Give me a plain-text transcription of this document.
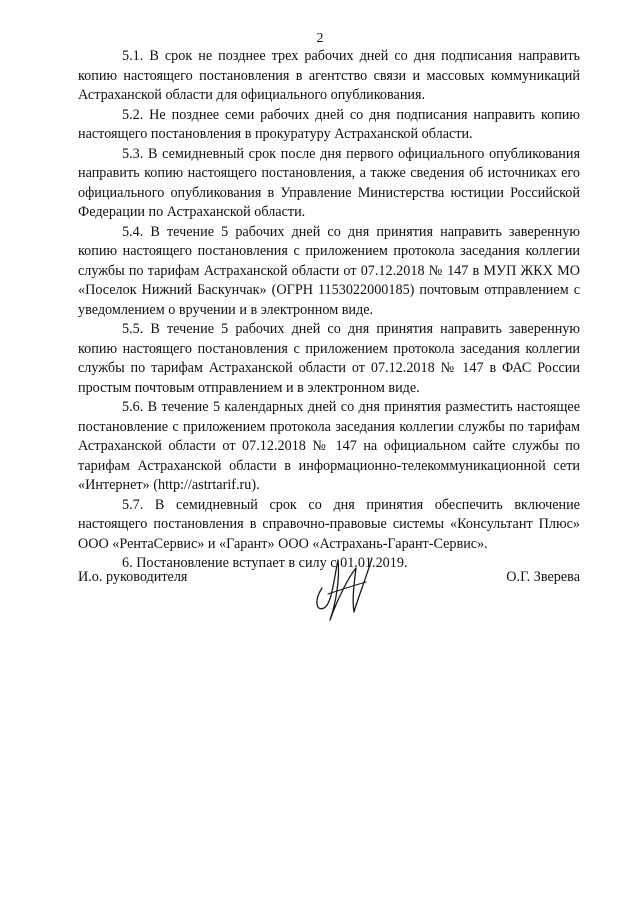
2

5.1. В срок не позднее трех рабочих дней со дня подписания направить копию настоящего постановления в агентство связи и массовых коммуникаций Астраханской области для официального опубликования.

5.2. Не позднее семи рабочих дней со дня подписания направить копию настоящего постановления в прокуратуру Астраханской области.

5.3. В семидневный срок после дня первого официального опубликования направить копию настоящего постановления, а также сведения об источниках его официального опубликования в Управление Министерства юстиции Российской Федерации по Астраханской области.

5.4. В течение 5 рабочих дней со дня принятия направить заверенную копию настоящего постановления с приложением протокола заседания коллегии службы по тарифам Астраханской области от 07.12.2018 № 147 в МУП ЖКХ МО «Поселок Нижний Баскунчак» (ОГРН 1153022000185) почтовым отправлением с уведомлением о вручении и в электронном виде.

5.5. В течение 5 рабочих дней со дня принятия направить заверенную копию настоящего постановления с приложением протокола заседания коллегии службы по тарифам Астраханской области от 07.12.2018 № 147 в ФАС России простым почтовым отправлением и в электронном виде.

5.6. В течение 5 календарных дней со дня принятия разместить настоящее постановление с приложением протокола заседания коллегии службы по тарифам Астраханской области от 07.12.2018 № 147 на официальном сайте службы по тарифам Астраханской области в информационно-телекоммуникационной сети «Интернет» (http://astrtarif.ru).

5.7. В семидневный срок со дня принятия обеспечить включение настоящего постановления в справочно-правовые системы «Консультант Плюс» ООО «РентаСервис» и «Гарант» ООО «Астрахань-Гарант-Сервис».

6. Постановление вступает в силу с 01.01.2019.

И.о. руководителя	О.Г. Зверева
